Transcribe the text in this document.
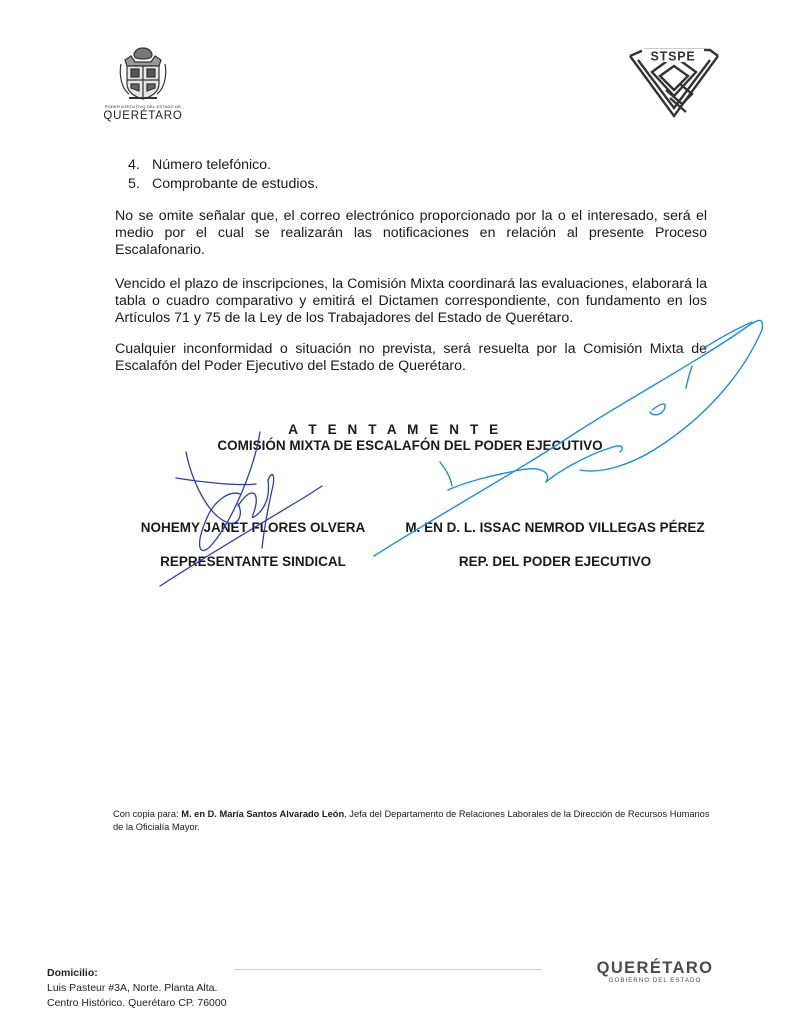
PODER EJECUTIVO DEL ESTADO DE
QUERÉTARO
STSPE
4. Número telefónico.
5. Comprobante de estudios.
No se omite señalar que, el correo electrónico proporcionado por la o el interesado, será el medio por el cual se realizarán las notificaciones en relación al presente Proceso Escalafonario.
Vencido el plazo de inscripciones, la Comisión Mixta coordinará las evaluaciones, elaborará la tabla o cuadro comparativo y emitirá el Dictamen correspondiente, con fundamento en los Artículos 71 y 75 de la Ley de los Trabajadores del Estado de Querétaro.
Cualquier inconformidad o situación no prevista, será resuelta por la Comisión Mixta de Escalafón del Poder Ejecutivo del Estado de Querétaro.
A T E N T A M E N T E
COMISIÓN MIXTA DE ESCALAFÓN DEL PODER EJECUTIVO
NOHEMY JANET FLORES OLVERA
REPRESENTANTE SINDICAL
M. EN D. L. ISSAC NEMROD VILLEGAS PÉREZ
REP. DEL PODER EJECUTIVO
Con copia para: M. en D. María Santos Alvarado León, Jefa del Departamento de Relaciones Laborales de la Dirección de Recursos Humanos de la Oficialía Mayor.
Domicilio:
Luis Pasteur #3A, Norte. Planta Alta.
Centro Histórico. Querétaro CP. 76000
QUERÉTARO
GOBIERNO DEL ESTADO
